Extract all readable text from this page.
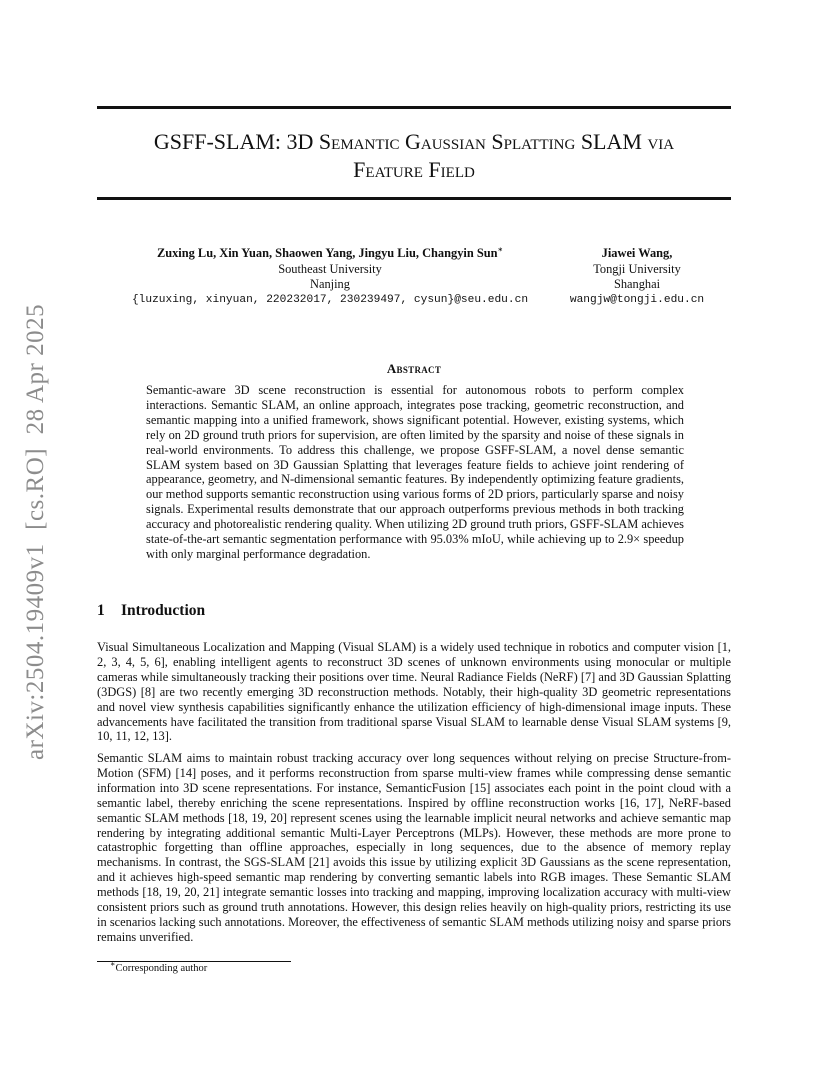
arXiv:2504.19409v1  [cs.RO]  28 Apr 2025
GSFF-SLAM: 3D Semantic Gaussian Splatting SLAM via
Feature Field
Zuxing Lu, Xin Yuan, Shaowen Yang, Jingyu Liu, Changyin Sun∗
Southeast University
Nanjing
{luzuxing, xinyuan, 220232017, 230239497, cysun}@seu.edu.cn
Jiawei Wang,
Tongji University
Shanghai
wangjw@tongji.edu.cn
Abstract
Semantic-aware 3D scene reconstruction is essential for autonomous robots to perform complex interactions. Semantic SLAM, an online approach, integrates pose tracking, geometric reconstruction, and semantic mapping into a unified framework, shows significant potential. However, existing systems, which rely on 2D ground truth priors for supervision, are often limited by the sparsity and noise of these signals in real-world environments. To address this challenge, we propose GSFF-SLAM, a novel dense semantic SLAM system based on 3D Gaussian Splatting that leverages feature fields to achieve joint rendering of appearance, geometry, and N-dimensional semantic features. By independently optimizing feature gradients, our method supports semantic reconstruction using various forms of 2D priors, particularly sparse and noisy signals. Experimental results demonstrate that our approach outperforms previous methods in both tracking accuracy and photorealistic rendering quality. When utilizing 2D ground truth priors, GSFF-SLAM achieves state-of-the-art semantic segmentation performance with 95.03% mIoU, while achieving up to 2.9× speedup with only marginal performance degradation.
1 Introduction

Visual Simultaneous Localization and Mapping (Visual SLAM) is a widely used technique in robotics and computer vision [1, 2, 3, 4, 5, 6], enabling intelligent agents to reconstruct 3D scenes of unknown environments using monocular or multiple cameras while simultaneously tracking their positions over time. Neural Radiance Fields (NeRF) [7] and 3D Gaussian Splatting (3DGS) [8] are two recently emerging 3D reconstruction methods. Notably, their high-quality 3D geometric representations and novel view synthesis capabilities significantly enhance the utilization efficiency of high-dimensional image inputs. These advancements have facilitated the transition from traditional sparse Visual SLAM to learnable dense Visual SLAM systems [9, 10, 11, 12, 13].

Semantic SLAM aims to maintain robust tracking accuracy over long sequences without relying on precise Structure-from-Motion (SFM) [14] poses, and it performs reconstruction from sparse multi-view frames while compressing dense semantic information into 3D scene representations. For instance, SemanticFusion [15] associates each point in the point cloud with a semantic label, thereby enriching the scene representations. Inspired by offline reconstruction works [16, 17], NeRF-based semantic SLAM methods [18, 19, 20] represent scenes using the learnable implicit neural networks and achieve semantic map rendering by integrating additional semantic Multi-Layer Perceptrons (MLPs). However, these methods are more prone to catastrophic forgetting than offline approaches, especially in long sequences, due to the absence of memory replay mechanisms. In contrast, the SGS-SLAM [21] avoids this issue by utilizing explicit 3D Gaussians as the scene representation, and it achieves high-speed semantic map rendering by converting semantic labels into RGB images. These Semantic SLAM methods [18, 19, 20, 21] integrate semantic losses into tracking and mapping, improving localization accuracy with multi-view consistent priors such as ground truth annotations. However, this design relies heavily on high-quality priors, restricting its use in scenarios lacking such annotations. Moreover, the effectiveness of semantic SLAM methods utilizing noisy and sparse priors remains unverified.

∗Corresponding author
